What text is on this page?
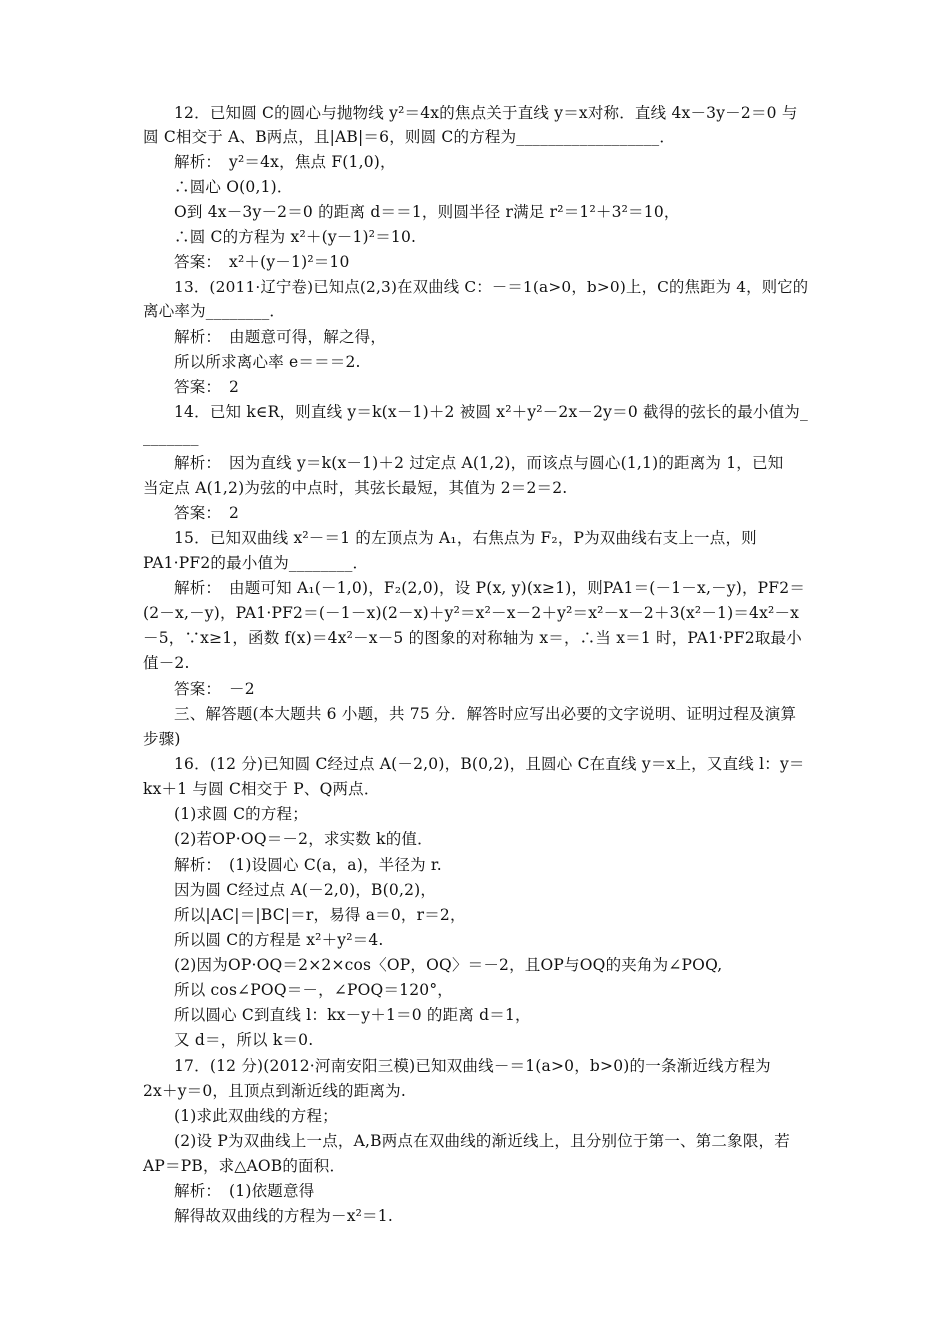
12．已知圆 C的圆心与抛物线 y²＝4x的焦点关于直线 y＝x对称．直线 4x－3y－2＝0 与
圆 C相交于 A、B两点，且|AB|＝6，则圆 C的方程为__________________．
解析：　y²＝4x，焦点 F(1,0)，
∴圆心 O(0,1)．
O到 4x－3y－2＝0 的距离 d＝＝1，则圆半径 r满足 r²＝1²＋3²＝10，
∴圆 C的方程为 x²＋(y－1)²＝10.
答案：　x²＋(y－1)²＝10
13．(2011·辽宁卷)已知点(2,3)在双曲线 C：－＝1(a>0，b>0)上，C的焦距为 4，则它的
离心率为________．
解析：　由题意可得，解之得，
所以所求离心率 e＝＝＝2.
答案：　2
14．已知 k∈R，则直线 y＝k(x－1)＋2 被圆 x²＋y²－2x－2y＝0 截得的弦长的最小值为_
_______
解析：　因为直线 y＝k(x－1)＋2 过定点 A(1,2)，而该点与圆心(1,1)的距离为 1，已知
当定点 A(1,2)为弦的中点时，其弦长最短，其值为 2＝2＝2.
答案：　2
15．已知双曲线 x²－＝1 的左顶点为 A₁，右焦点为 F₂，P为双曲线右支上一点，则
PA1·PF2的最小值为________．
解析：　由题可知 A₁(－1,0)，F₂(2,0)，设 P(x, y)(x≥1)，则PA1＝(－1－x,－y)，PF2＝
(2－x,－y)，PA1·PF2＝(－1－x)(2－x)＋y²＝x²－x－2＋y²＝x²－x－2＋3(x²－1)＝4x²－x
－5，∵x≥1，函数 f(x)＝4x²－x－5 的图象的对称轴为 x＝，∴当 x＝1 时，PA1·PF2取最小
值－2.
答案：　－2
三、解答题(本大题共 6 小题，共 75 分．解答时应写出必要的文字说明、证明过程及演算
步骤)
16．(12 分)已知圆 C经过点 A(－2,0)，B(0,2)，且圆心 C在直线 y＝x上，又直线 l：y＝
kx＋1 与圆 C相交于 P、Q两点．
(1)求圆 C的方程；
(2)若OP·OQ＝－2，求实数 k的值．
解析：　(1)设圆心 C(a，a)，半径为 r.
因为圆 C经过点 A(－2,0)，B(0,2)，
所以|AC|＝|BC|＝r，易得 a＝0，r＝2，
所以圆 C的方程是 x²＋y²＝4.
(2)因为OP·OQ＝2×2×cos〈OP，OQ〉＝－2，且OP与OQ的夹角为∠POQ,
所以 cos∠POQ＝－，∠POQ＝120°，
所以圆心 C到直线 l：kx－y＋1＝0 的距离 d＝1，
又 d＝，所以 k＝0.
17．(12 分)(2012·河南安阳三模)已知双曲线－＝1(a>0，b>0)的一条渐近线方程为
2x＋y＝0，且顶点到渐近线的距离为.
(1)求此双曲线的方程；
(2)设 P为双曲线上一点，A,B两点在双曲线的渐近线上，且分别位于第一、第二象限，若
AP＝PB，求△AOB的面积．
解析：　(1)依题意得
解得故双曲线的方程为－x²＝1.
